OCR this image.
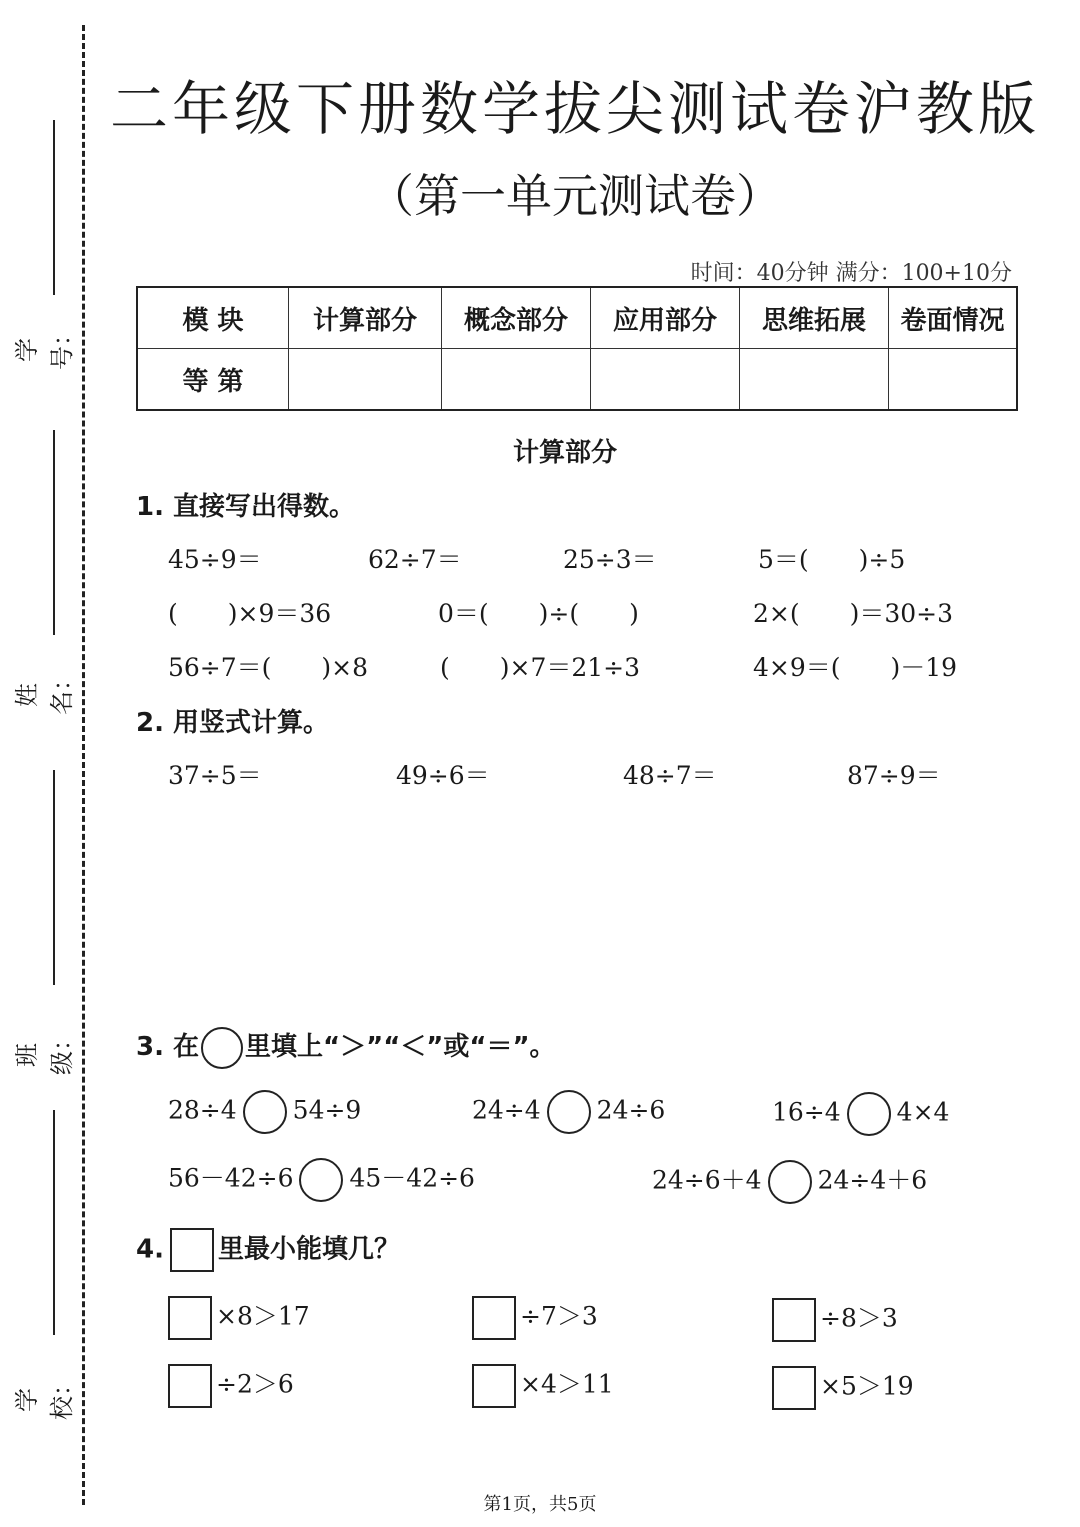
学号：
姓名：
班级：
学校：
二年级下册数学拔尖测试卷沪教版
（第一单元测试卷）
时间：40分钟 满分：100+10分
模 块	计算部分	概念部分	应用部分	思维拓展	卷面情况
等 第					
计算部分
1. 直接写出得数。
45÷9＝	62÷7＝	25÷3＝	5＝(　　)÷5
(　　)×9＝36	0＝(　　)÷(　　)	2×(　　)＝30÷3
56÷7＝(　　)×8	(　　)×7＝21÷3	4×9＝(　　)－19
2. 用竖式计算。
37÷5＝	49÷6＝	48÷7＝	87÷9＝
3. 在 里填上“＞”“＜”或“＝”。
28÷4 54÷9	24÷4 24÷6	16÷4 4×4
56－42÷6 45－42÷6	24÷6＋4 24÷4＋6
4. 里最小能填几？
×8＞17	÷7＞3	÷8＞3
÷2＞6	×4＞11	×5＞19
第1页，共5页
